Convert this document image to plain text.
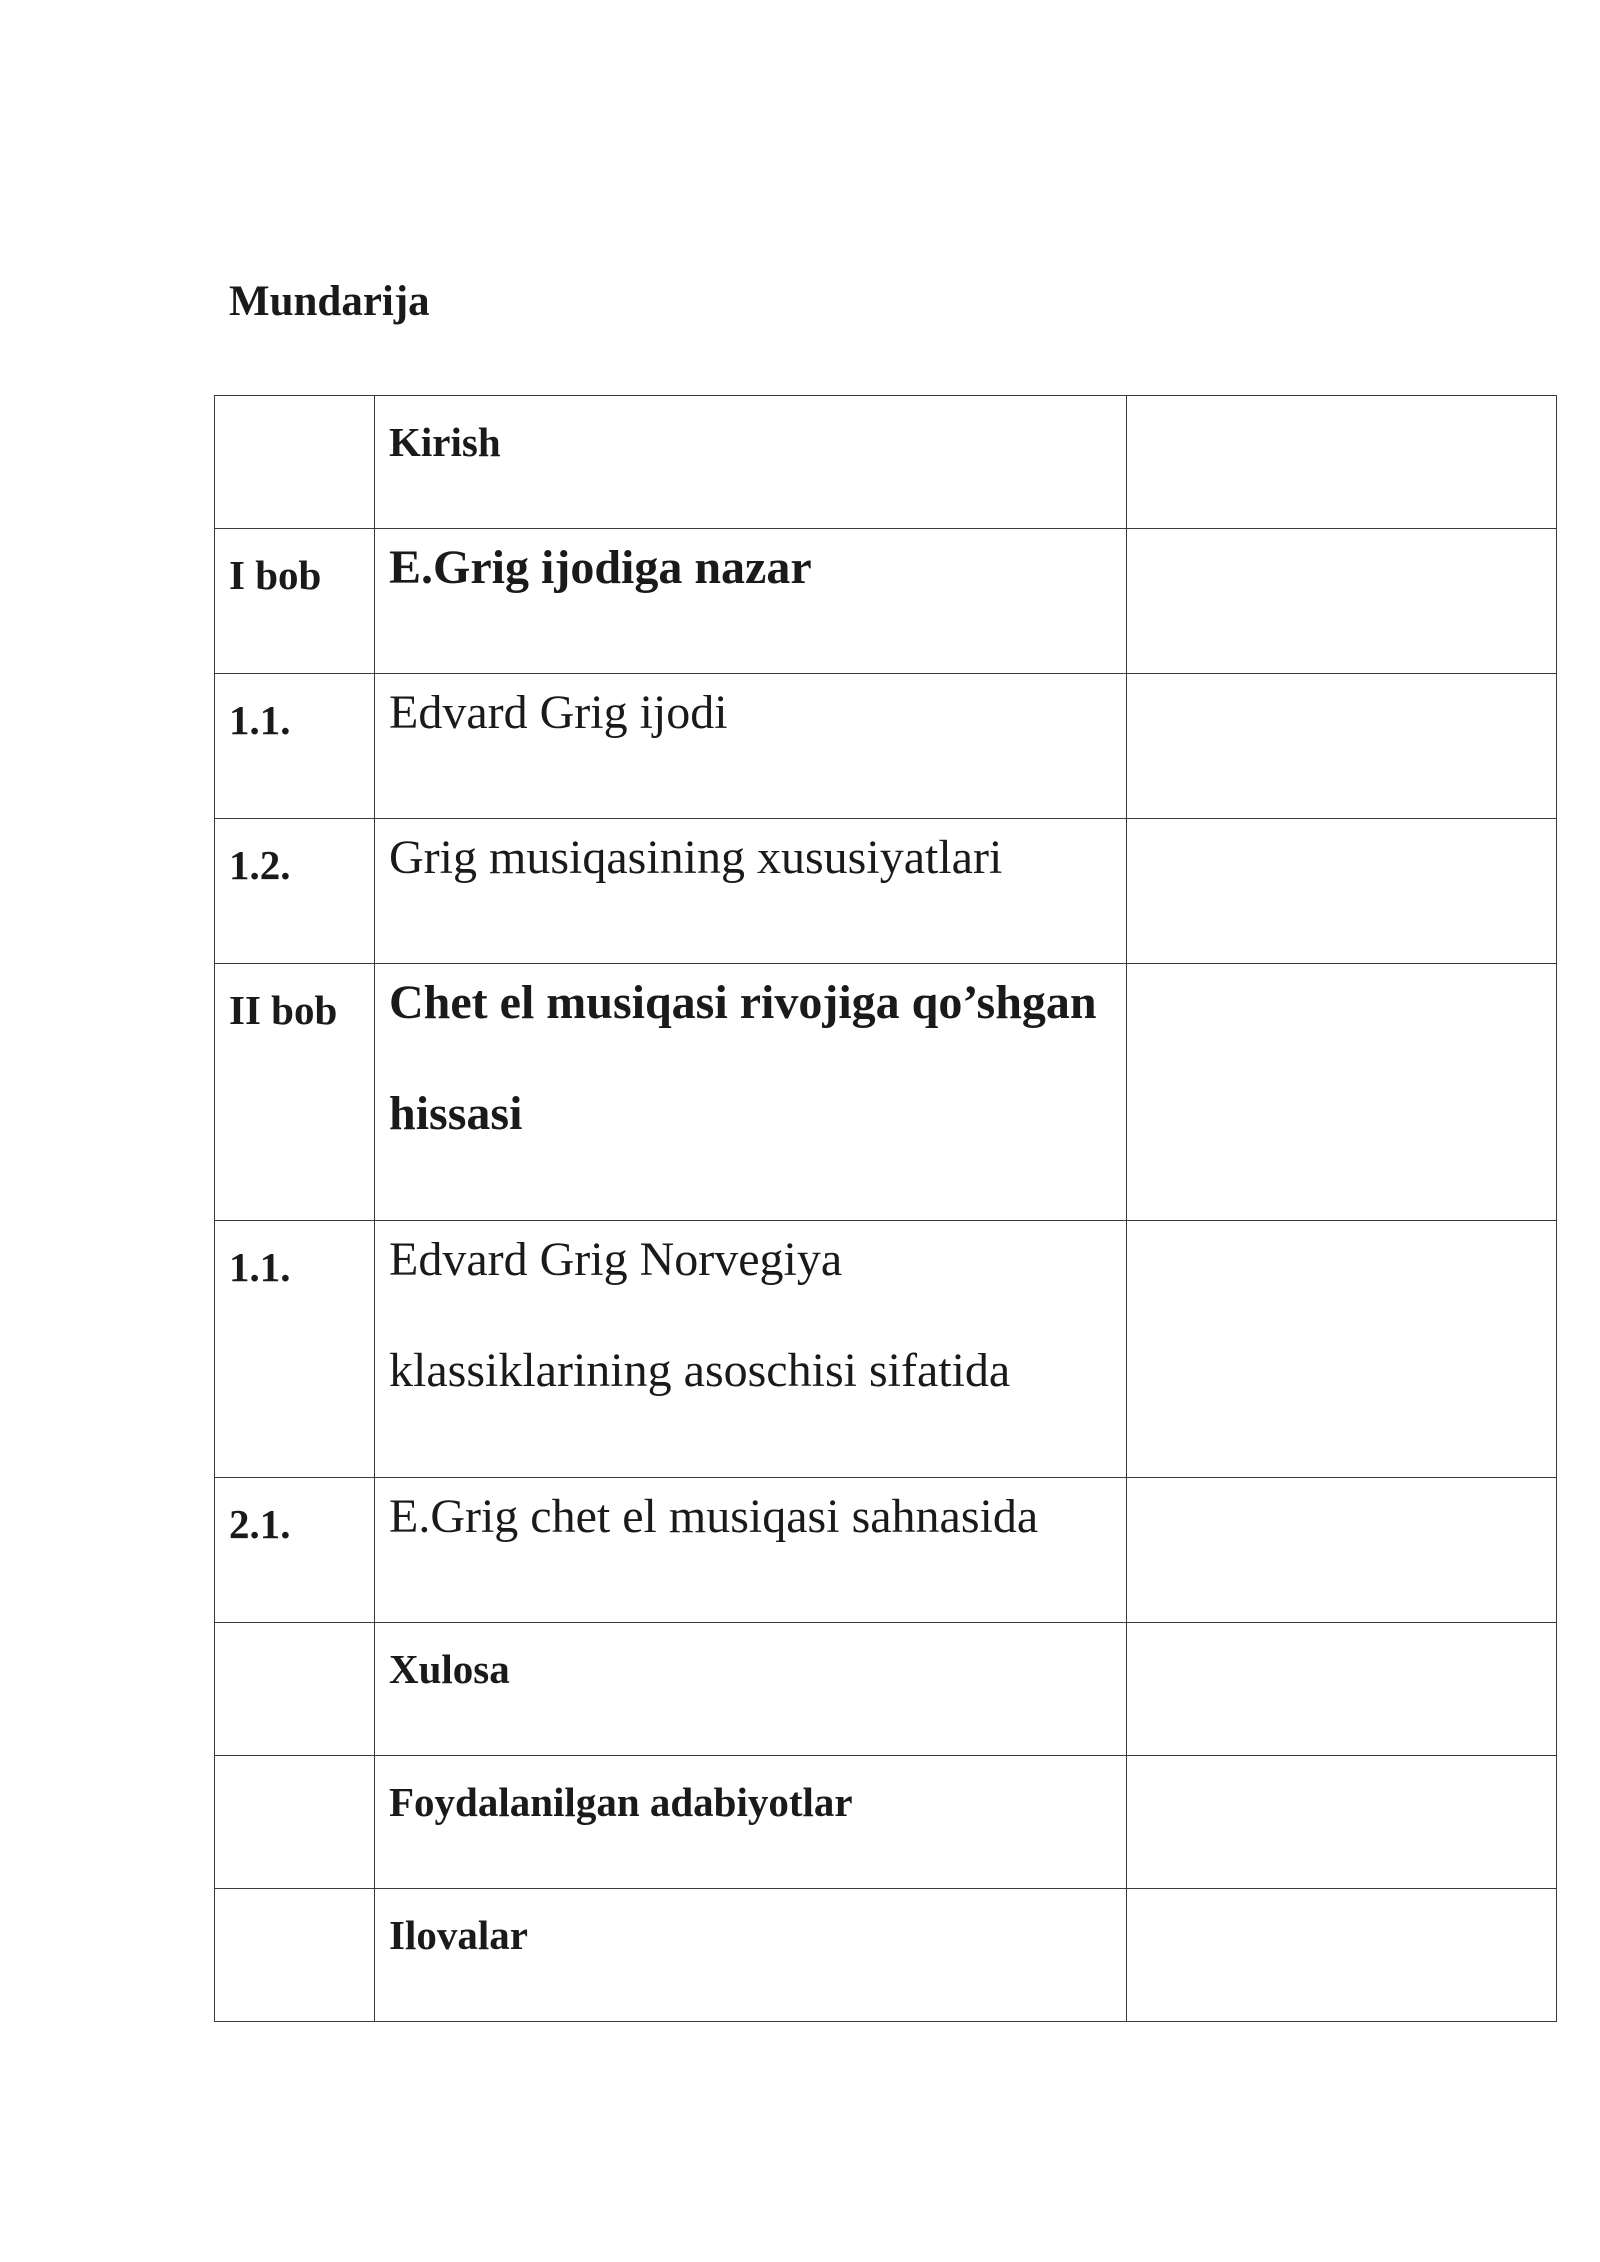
Mundarija

	Kirish	

I bob	E.Grig ijodiga nazar	

1.1.	Edvard Grig ijodi	

1.2.	Grig musiqasining xususiyatlari	

II bob	Chet el musiqasi rivojiga qo’shgan hissasi	

1.1.	Edvard Grig Norvegiya klassiklarining asoschisi sifatida	

2.1.	E.Grig chet el musiqasi sahnasida	

	Xulosa	

	Foydalanilgan adabiyotlar	

	Ilovalar	
